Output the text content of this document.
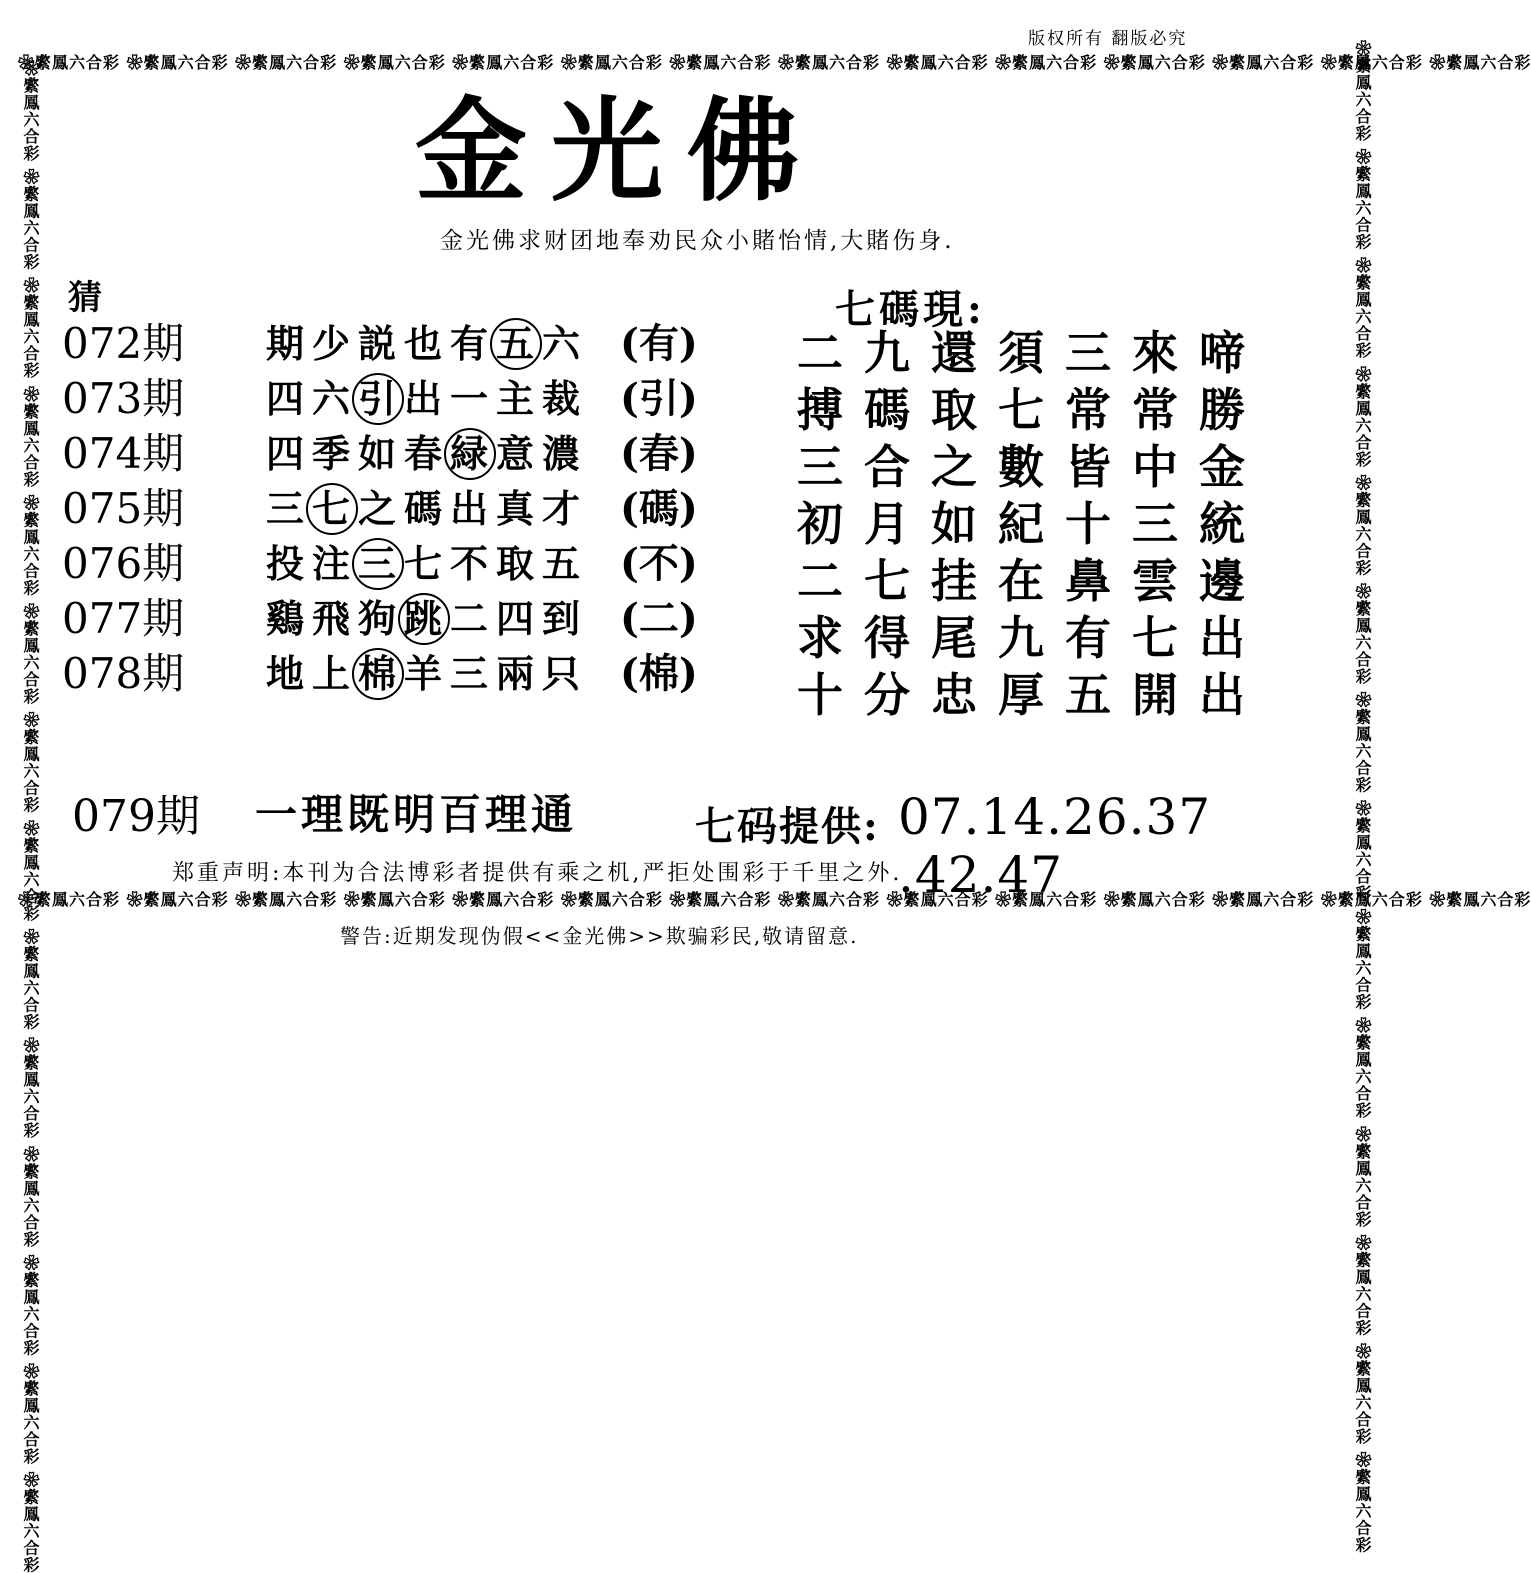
版权所有 翻版必究
❀䌠鳳六合彩 ❀䌠鳳六合彩 ❀䌠鳳六合彩 ❀䌠鳳六合彩 ❀䌠鳳六合彩 ❀䌠鳳六合彩 ❀䌠鳳六合彩 ❀䌠鳳六合彩 ❀䌠鳳六合彩 ❀䌠鳳六合彩 ❀䌠鳳六合彩 ❀䌠鳳六合彩 ❀䌠鳳六合彩 ❀䌠鳳六合彩
❀䌠鳳六合彩 ❀䌠鳳六合彩 ❀䌠鳳六合彩 ❀䌠鳳六合彩 ❀䌠鳳六合彩 ❀䌠鳳六合彩 ❀䌠鳳六合彩 ❀䌠鳳六合彩 ❀䌠鳳六合彩 ❀䌠鳳六合彩 ❀䌠鳳六合彩 ❀䌠鳳六合彩 ❀䌠鳳六合彩 ❀䌠鳳六合彩
❀䌠鳳六合彩 ❀䌠鳳六合彩 ❀䌠鳳六合彩 ❀䌠鳳六合彩 ❀䌠鳳六合彩 ❀䌠鳳六合彩 ❀䌠鳳六合彩 ❀䌠鳳六合彩 ❀䌠鳳六合彩 ❀䌠鳳六合彩 ❀䌠鳳六合彩 ❀䌠鳳六合彩 ❀䌠鳳六合彩 ❀䌠鳳六合彩	❀䌠鳳六合彩 ❀䌠鳳六合彩 ❀䌠鳳六合彩 ❀䌠鳳六合彩 ❀䌠鳳六合彩 ❀䌠鳳六合彩 ❀䌠鳳六合彩 ❀䌠鳳六合彩 ❀䌠鳳六合彩 ❀䌠鳳六合彩 ❀䌠鳳六合彩 ❀䌠鳳六合彩 ❀䌠鳳六合彩 ❀䌠鳳六合彩
金光佛
金光佛求财团地奉劝民众小賭怡情,大賭伤身.
猜
072期 期 少 説 也 有 五 六 (有)
073期 四 六 引 出 一 主 裁 (引)
074期 四 季 如 春 緑 意 濃 (春)
075期 三 七 之 碼 出 真 才 (碼)
076期 投 注 三 七 不 取 五 (不)
077期 鷄 飛 狗 跳 二 四 到 (二)
078期 地 上 棉 羊 三 兩 只 (棉)
七碼現:
二 九 還 須 三 來 啼
搏 碼 取 七 常 常 勝
三 合 之 數 皆 中 金
初 月 如 紀 十 三 統
二 七 挂 在 鼻 雲 邊
求 得 尾 九 有 七 出
十 分 忠 厚 五 開 出
079期 一理既明百理通	七码提供: 07.14.26.37 .42.47
郑重声明:本刊为合法博彩者提供有乘之机,严拒处围彩于千里之外.
警告:近期发现伪假<<金光佛>>欺骗彩民,敬请留意.
